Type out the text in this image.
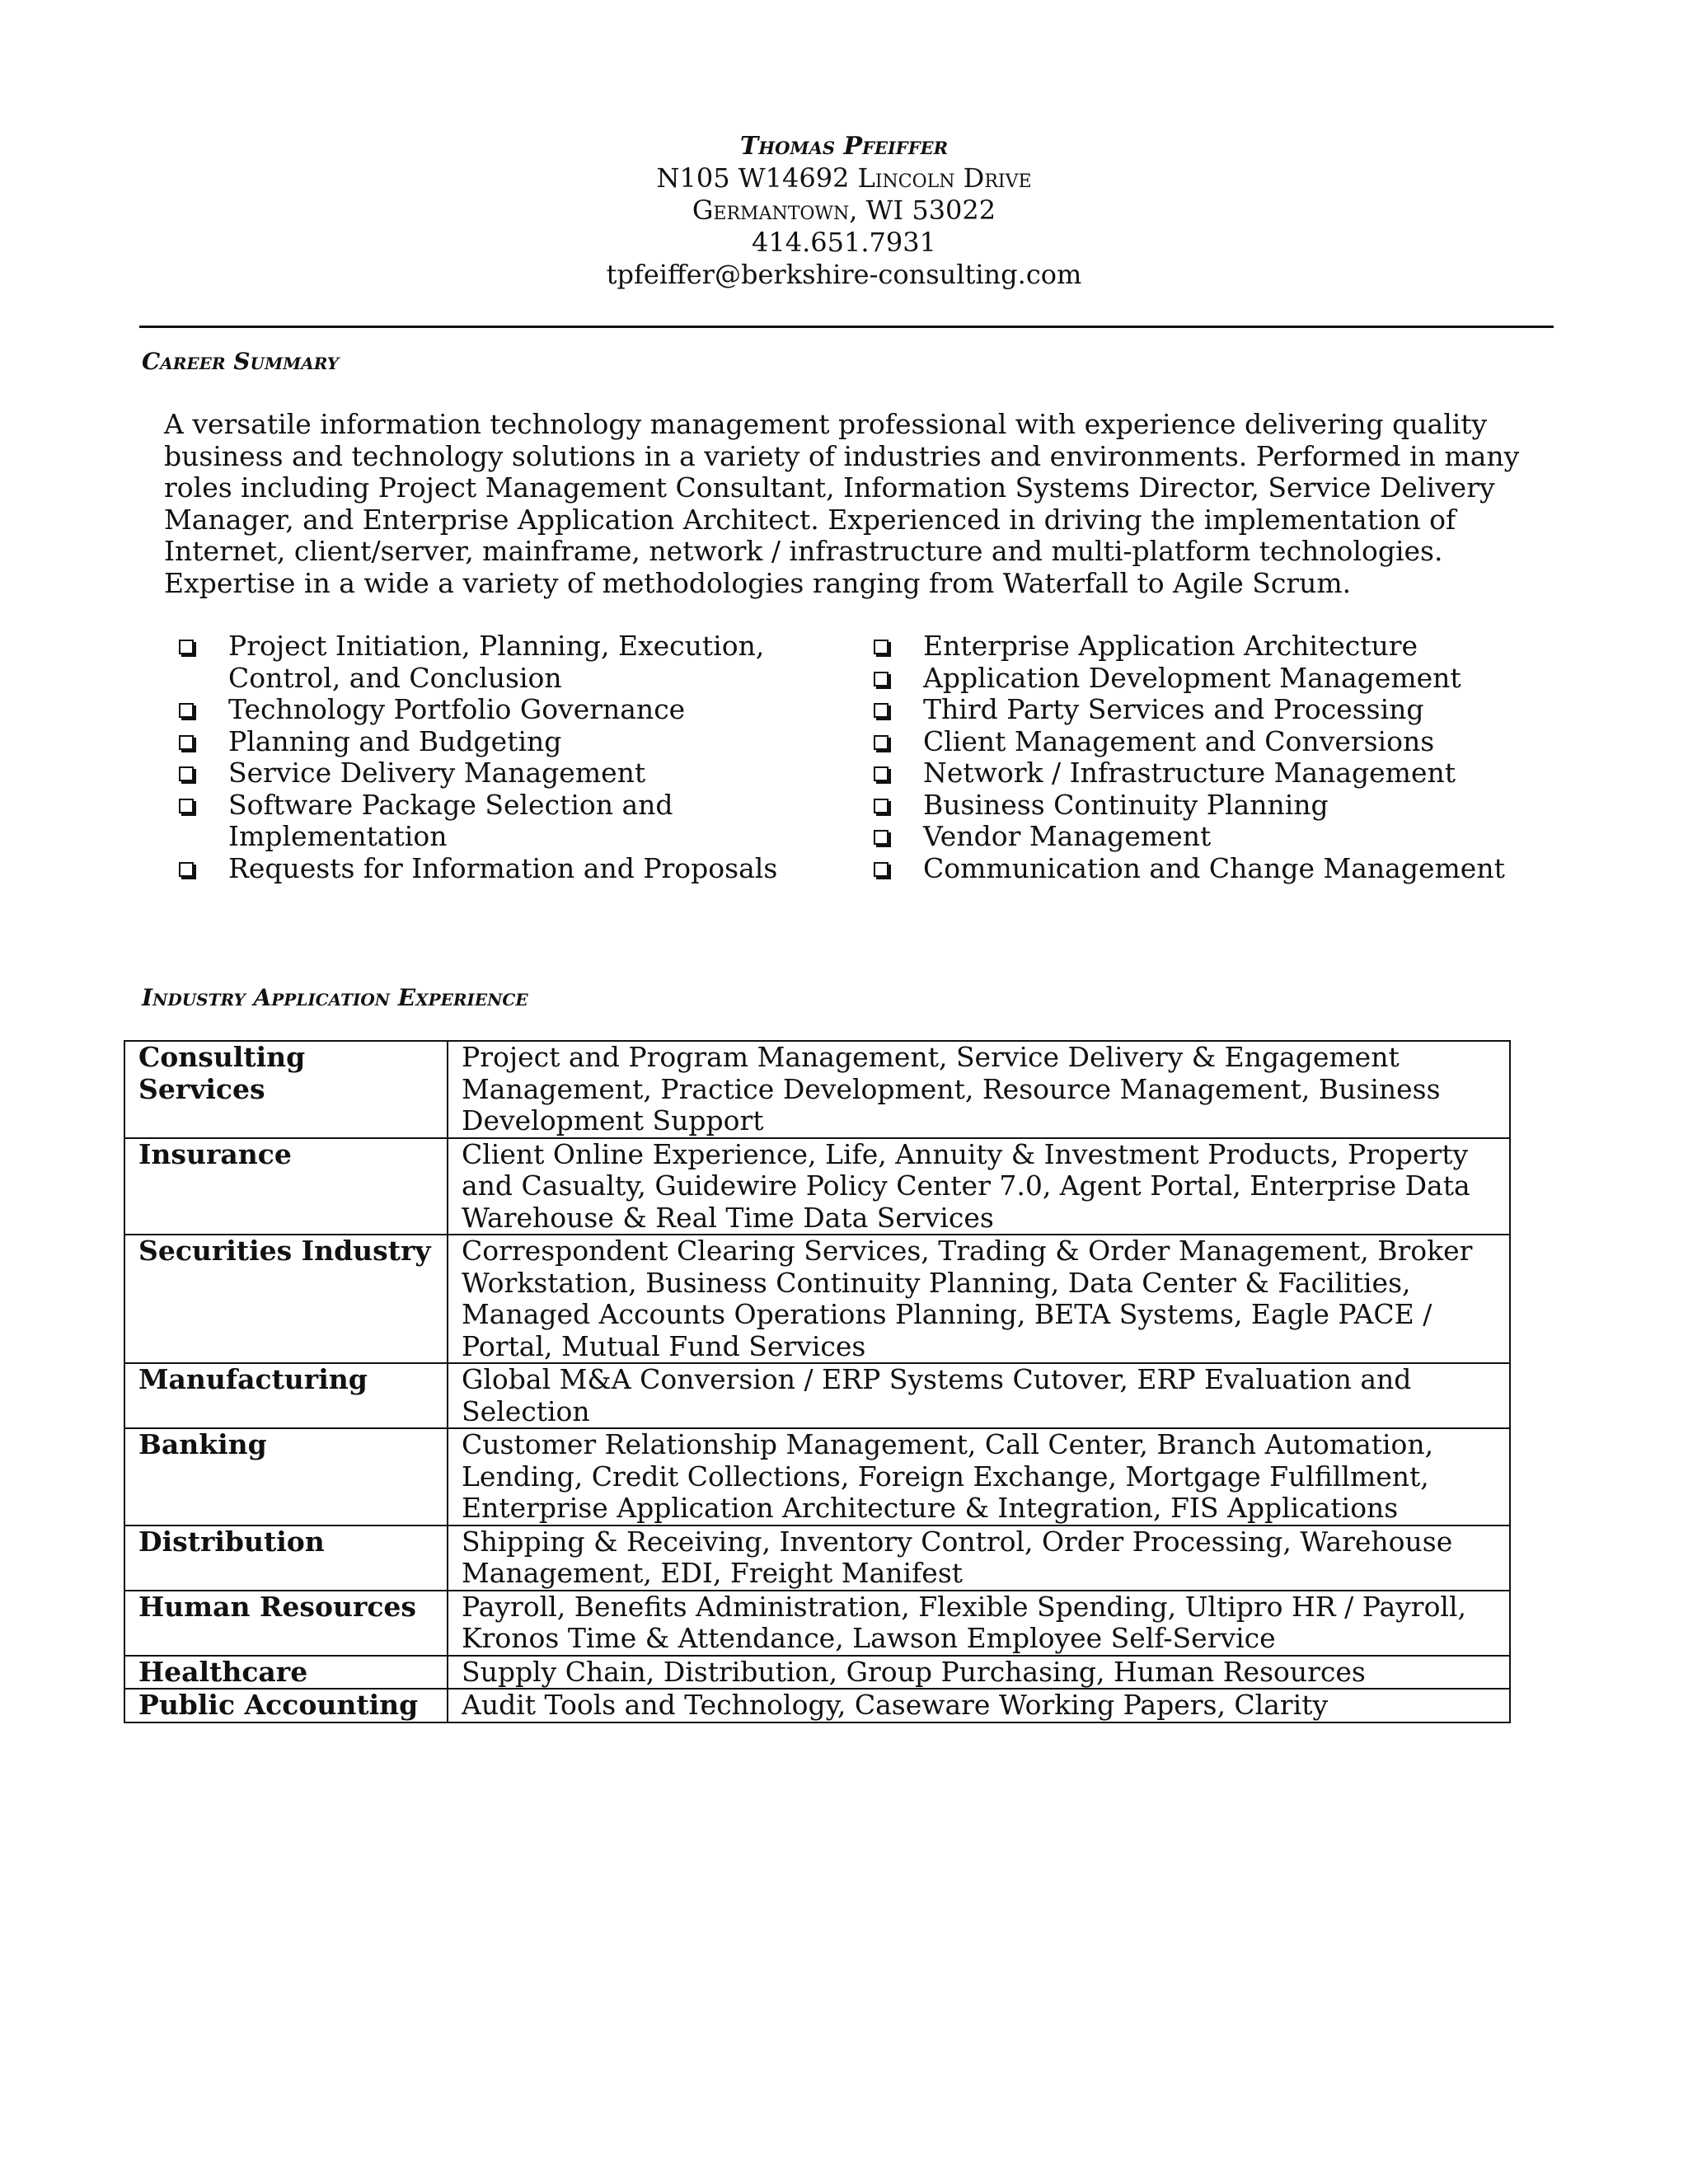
Thomas Pfeiffer
N105 W14692 Lincoln Drive
Germantown, WI 53022
414.651.7931
tpfeiffer@berkshire-consulting.com
Career Summary
A versatile information technology management professional with experience delivering quality
business and technology solutions in a variety of industries and environments. Performed in many
roles including Project Management Consultant, Information Systems Director, Service Delivery
Manager, and Enterprise Application Architect. Experienced in driving the implementation of
Internet, client/server, mainframe, network / infrastructure and multi-platform technologies.
Expertise in a wide a variety of methodologies ranging from Waterfall to Agile Scrum.
Project Initiation, Planning, Execution, Control, and Conclusion
Technology Portfolio Governance
Planning and Budgeting
Service Delivery Management
Software Package Selection and Implementation
Requests for Information and Proposals
Enterprise Application Architecture
Application Development Management
Third Party Services and Processing
Client Management and Conversions
Network / Infrastructure Management
Business Continuity Planning
Vendor Management
Communication and Change Management
Industry Application Experience
Consulting Services	Project and Program Management, Service Delivery & Engagement Management, Practice Development, Resource Management, Business Development Support
Insurance	Client Online Experience, Life, Annuity & Investment Products, Property and Casualty, Guidewire Policy Center 7.0, Agent Portal, Enterprise Data Warehouse & Real Time Data Services
Securities Industry	Correspondent Clearing Services, Trading & Order Management, Broker Workstation, Business Continuity Planning, Data Center & Facilities, Managed Accounts Operations Planning, BETA Systems, Eagle PACE / Portal, Mutual Fund Services
Manufacturing	Global M&A Conversion / ERP Systems Cutover, ERP Evaluation and Selection
Banking	Customer Relationship Management, Call Center, Branch Automation, Lending, Credit Collections, Foreign Exchange, Mortgage Fulfillment, Enterprise Application Architecture & Integration, FIS Applications
Distribution	Shipping & Receiving, Inventory Control, Order Processing, Warehouse Management, EDI, Freight Manifest
Human Resources	Payroll, Benefits Administration, Flexible Spending, Ultipro HR / Payroll, Kronos Time & Attendance, Lawson Employee Self-Service
Healthcare	Supply Chain, Distribution, Group Purchasing, Human Resources
Public Accounting	Audit Tools and Technology, Caseware Working Papers, Clarity
